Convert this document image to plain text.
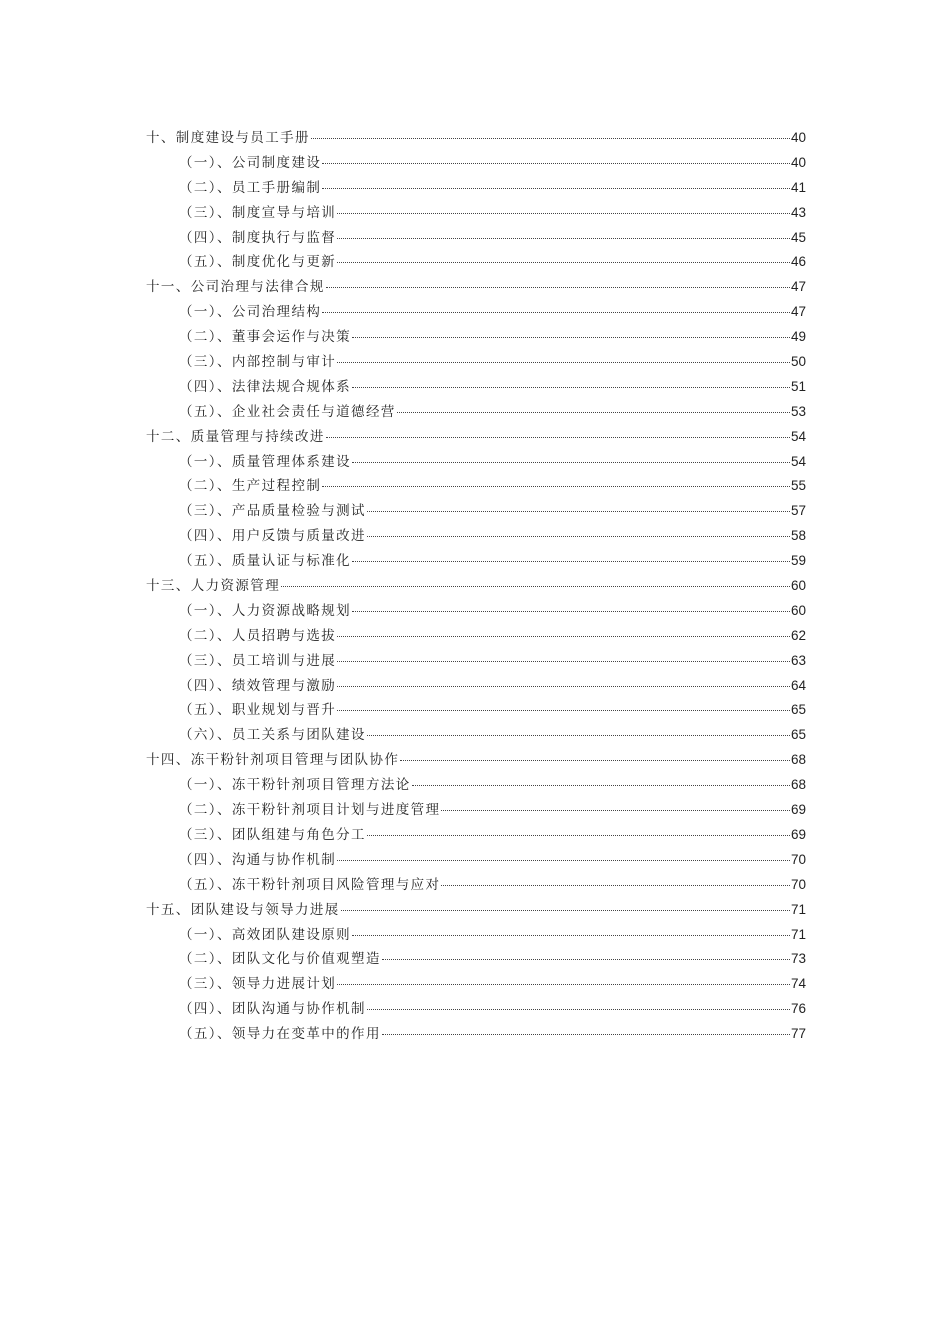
十、制度建设与员工手册	40
（一）、公司制度建设	40
（二）、员工手册编制	41
（三）、制度宣导与培训	43
（四）、制度执行与监督	45
（五）、制度优化与更新	46
十一、公司治理与法律合规	47
（一）、公司治理结构	47
（二）、董事会运作与决策	49
（三）、内部控制与审计	50
（四）、法律法规合规体系	51
（五）、企业社会责任与道德经营	53
十二、质量管理与持续改进	54
（一）、质量管理体系建设	54
（二）、生产过程控制	55
（三）、产品质量检验与测试	57
（四）、用户反馈与质量改进	58
（五）、质量认证与标准化	59
十三、人力资源管理	60
（一）、人力资源战略规划	60
（二）、人员招聘与选拔	62
（三）、员工培训与进展	63
（四）、绩效管理与激励	64
（五）、职业规划与晋升	65
（六）、员工关系与团队建设	65
十四、冻干粉针剂项目管理与团队协作	68
（一）、冻干粉针剂项目管理方法论	68
（二）、冻干粉针剂项目计划与进度管理	69
（三）、团队组建与角色分工	69
（四）、沟通与协作机制	70
（五）、冻干粉针剂项目风险管理与应对	70
十五、团队建设与领导力进展	71
（一）、高效团队建设原则	71
（二）、团队文化与价值观塑造	73
（三）、领导力进展计划	74
（四）、团队沟通与协作机制	76
（五）、领导力在变革中的作用	77
